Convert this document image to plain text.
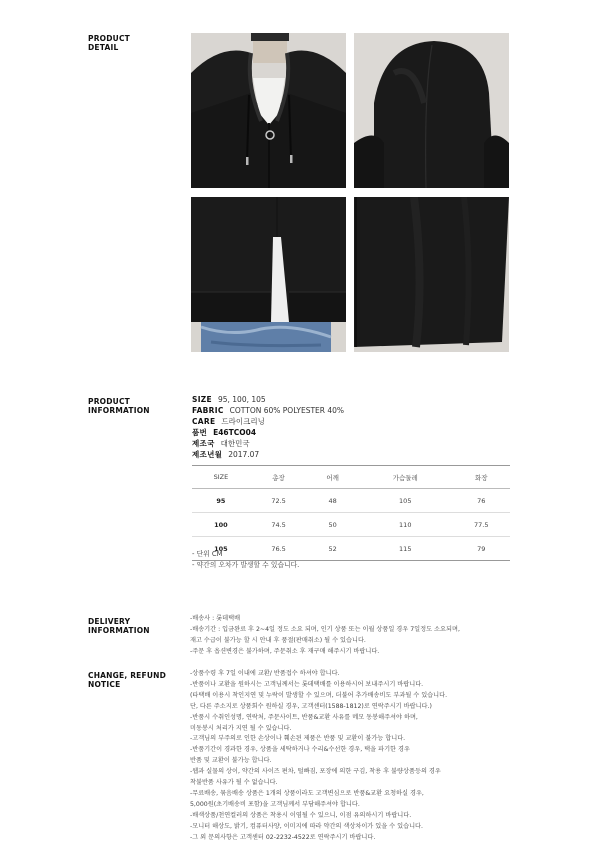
PRODUCT
DETAIL
PRODUCT
INFORMATION
DELIVERY
INFORMATION
CHANGE, REFUND
NOTICE
SIZE 95, 100, 105
FABRIC COTTON 60% POLYESTER 40%
CARE 드라이크리닝
품번 E46TCO04
제조국 대한민국
제조년월 2017.07
SIZE	총장	어깨	가슴둘레	화장
95	72.5	48	105	76
100	74.5	50	110	77.5
105	76.5	52	115	79
- 단위 CM
- 약간의 오차가 발생할 수 있습니다.
-배송사 : 롯데택배
-배송기간 : 입금완료 후 2~4일 정도 소요 되며, 인기 상품 또는 이월 상품일 경우 7일정도 소요되며,
재고 수급이 불가능 할 시 안내 후 품절(판매취소) 될 수 있습니다.
-주문 후 옵션변경은 불가하며, 주문취소 후 재구매 해주시기 바랍니다.
-상품수령 후 7일 이내에 교환/ 반품접수 하셔야 합니다.
-반품이나 교환을 원하시는 고객님께서는 롯데택배를 이용하시어 보내주시기 바랍니다.
(타택배 이용시 착인지연 및 누락이 발생할 수 있으며, 더불어 추가배송비도 부과될 수 있습니다.
단, 다른 주소지로 상품회수 원하실 경우, 고객센터(1588-1812)로 연락주시기 바랍니다.)
-반품시 수취인성명, 연락처, 주문사이트, 반품&교환 사유를 메모 동봉해주셔야 하며,
미동봉시 처리가 지연 될 수 있습니다.
-고객님의 부주의로 인한 손상이나 훼손된 제품은 반품 및 교환이 불가능 합니다.
-반품기간이 경과한 경우, 상품을 세탁하거나 수리&수선한 경우, 택을 파기한 경우
반품 및 교환이 불가능 합니다.
-웹과 실물의 상이, 약간의 사이즈 편차, 털빠짐, 포장에 의한 구김, 착용 후 불량상품등의 경우
착불반품 사유가 될 수 없습니다.
-무료배송, 묶음배송 상품은 1개의 상품이라도 고객변심으로 반품&교환 요청하실 경우,
5,000원(초기배송비 포함)을 고객님께서 부담해주셔야 합니다.
-배색상품/천연컬러의 상품은 착용시 이염될 수 있으니, 이점 유의하시기 바랍니다.
-모니터 해상도, 밝기, 컴퓨터사양, 이미지에 따라 약간의 색상차이가 있을 수 있습니다.
-그 외 문의사항은 고객센터 02-2232-4522로 연락주시기 바랍니다.
